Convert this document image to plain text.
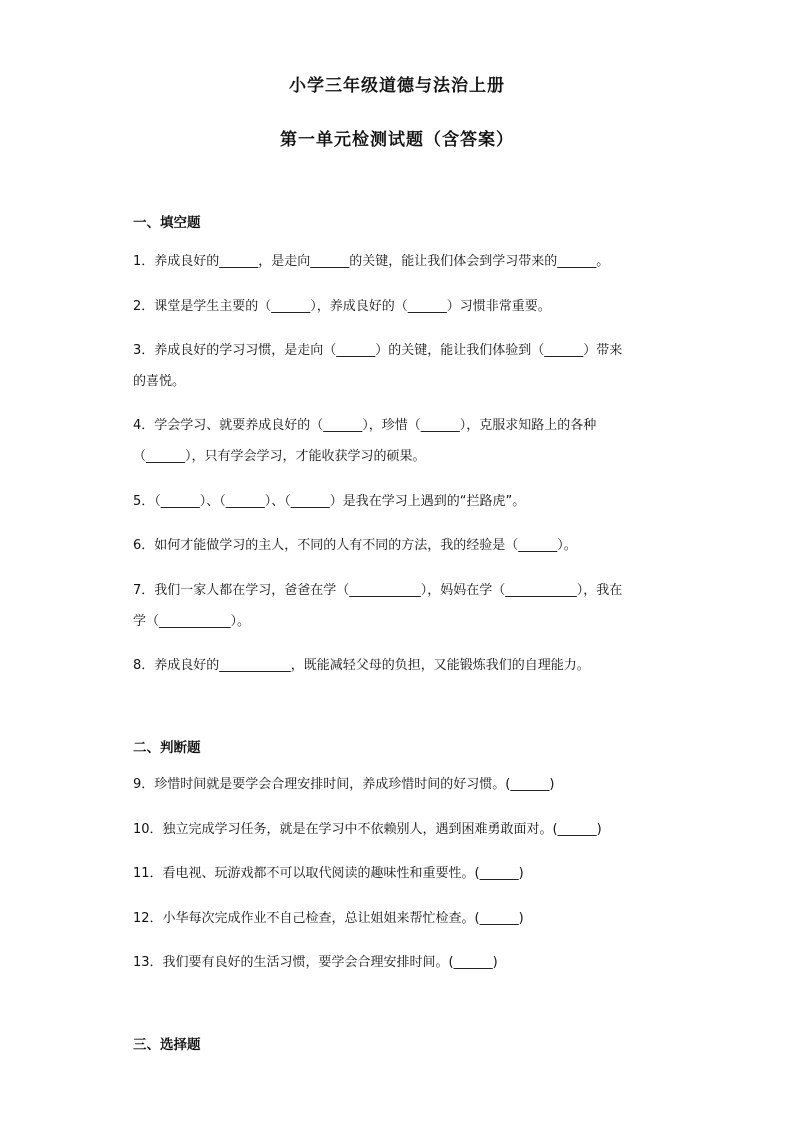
小学三年级道德与法治上册
第一单元检测试题（含答案）
一、填空题
1．养成良好的______，是走向______的关键，能让我们体会到学习带来的______。
2．课堂是学生主要的（______），养成良好的（______）习惯非常重要。
3．养成良好的学习习惯，是走向（______）的关键，能让我们体验到（______）带来
的喜悦。
4．学会学习、就要养成良好的（______），珍惜（______），克服求知路上的各种
（______），只有学会学习，才能收获学习的硕果。
5．（______）、（______）、（______）是我在学习上遇到的“拦路虎”。
6．如何才能做学习的主人，不同的人有不同的方法，我的经验是（______）。
7．我们一家人都在学习，爸爸在学（___________），妈妈在学（___________），我在
学（___________）。
8．养成良好的___________，既能减轻父母的负担，又能锻炼我们的自理能力。
二、判断题
9．珍惜时间就是要学会合理安排时间，养成珍惜时间的好习惯。(______)
10．独立完成学习任务，就是在学习中不依赖别人，遇到困难勇敢面对。(______)
11．看电视、玩游戏都不可以取代阅读的趣味性和重要性。(______)
12．小华每次完成作业不自己检查，总让姐姐来帮忙检查。(______)
13．我们要有良好的生活习惯，要学会合理安排时间。(______)
三、选择题
